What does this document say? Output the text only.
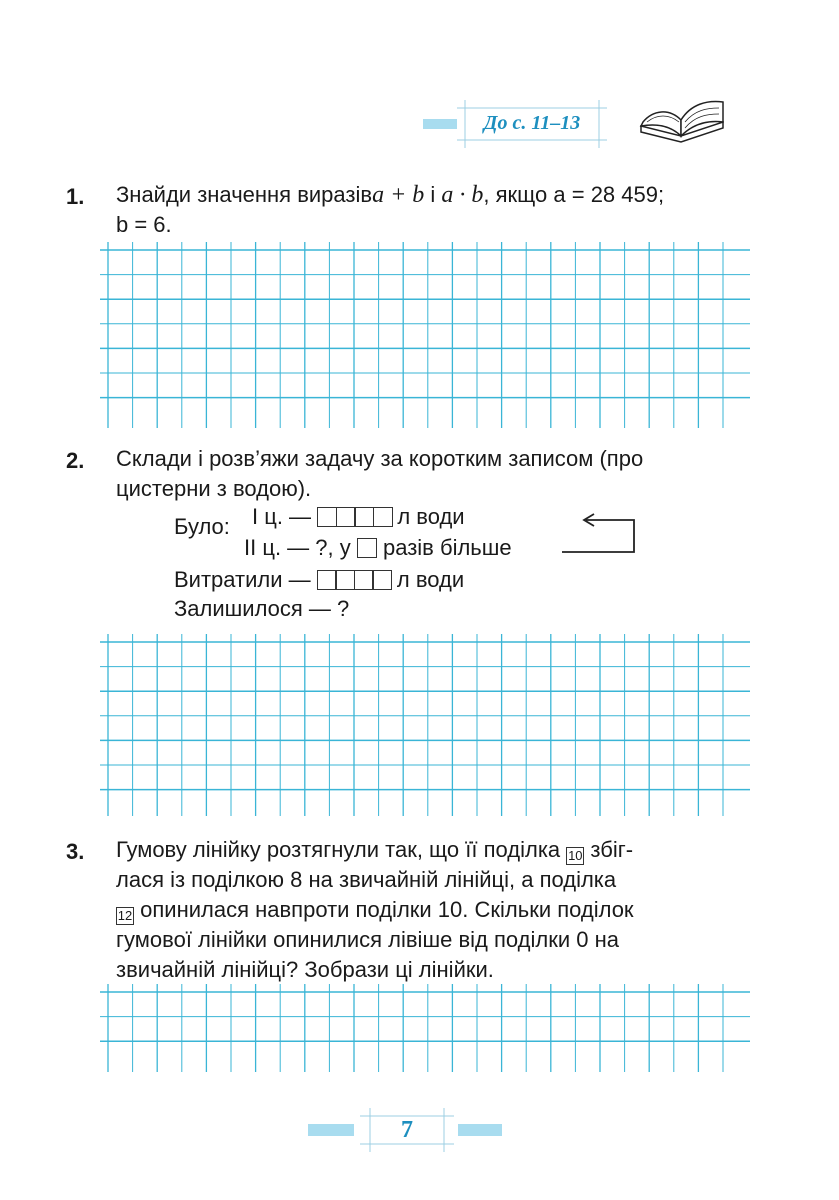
До с. 11–13
1. Знайди значення виразівa + b і a · b, якщо a = 28 459;
b = 6.
2. Склади і розв’яжи задачу за коротким записом (про
цистерни з водою).
Було: І ц. —	л води
ІІ ц. — ?, у разів більше
Витратили —	л води
Залишилося — ?
3. Гумову лінійку розтягнули так, що її поділка 10 збіг-
лася із поділкою 8 на звичайній лінійці, а поділка
12 опинилася навпроти поділки 10. Скільки поділок
гумової лінійки опинилися лівіше від поділки 0 на
звичайній лінійці? Зобрази ці лінійки.
7
